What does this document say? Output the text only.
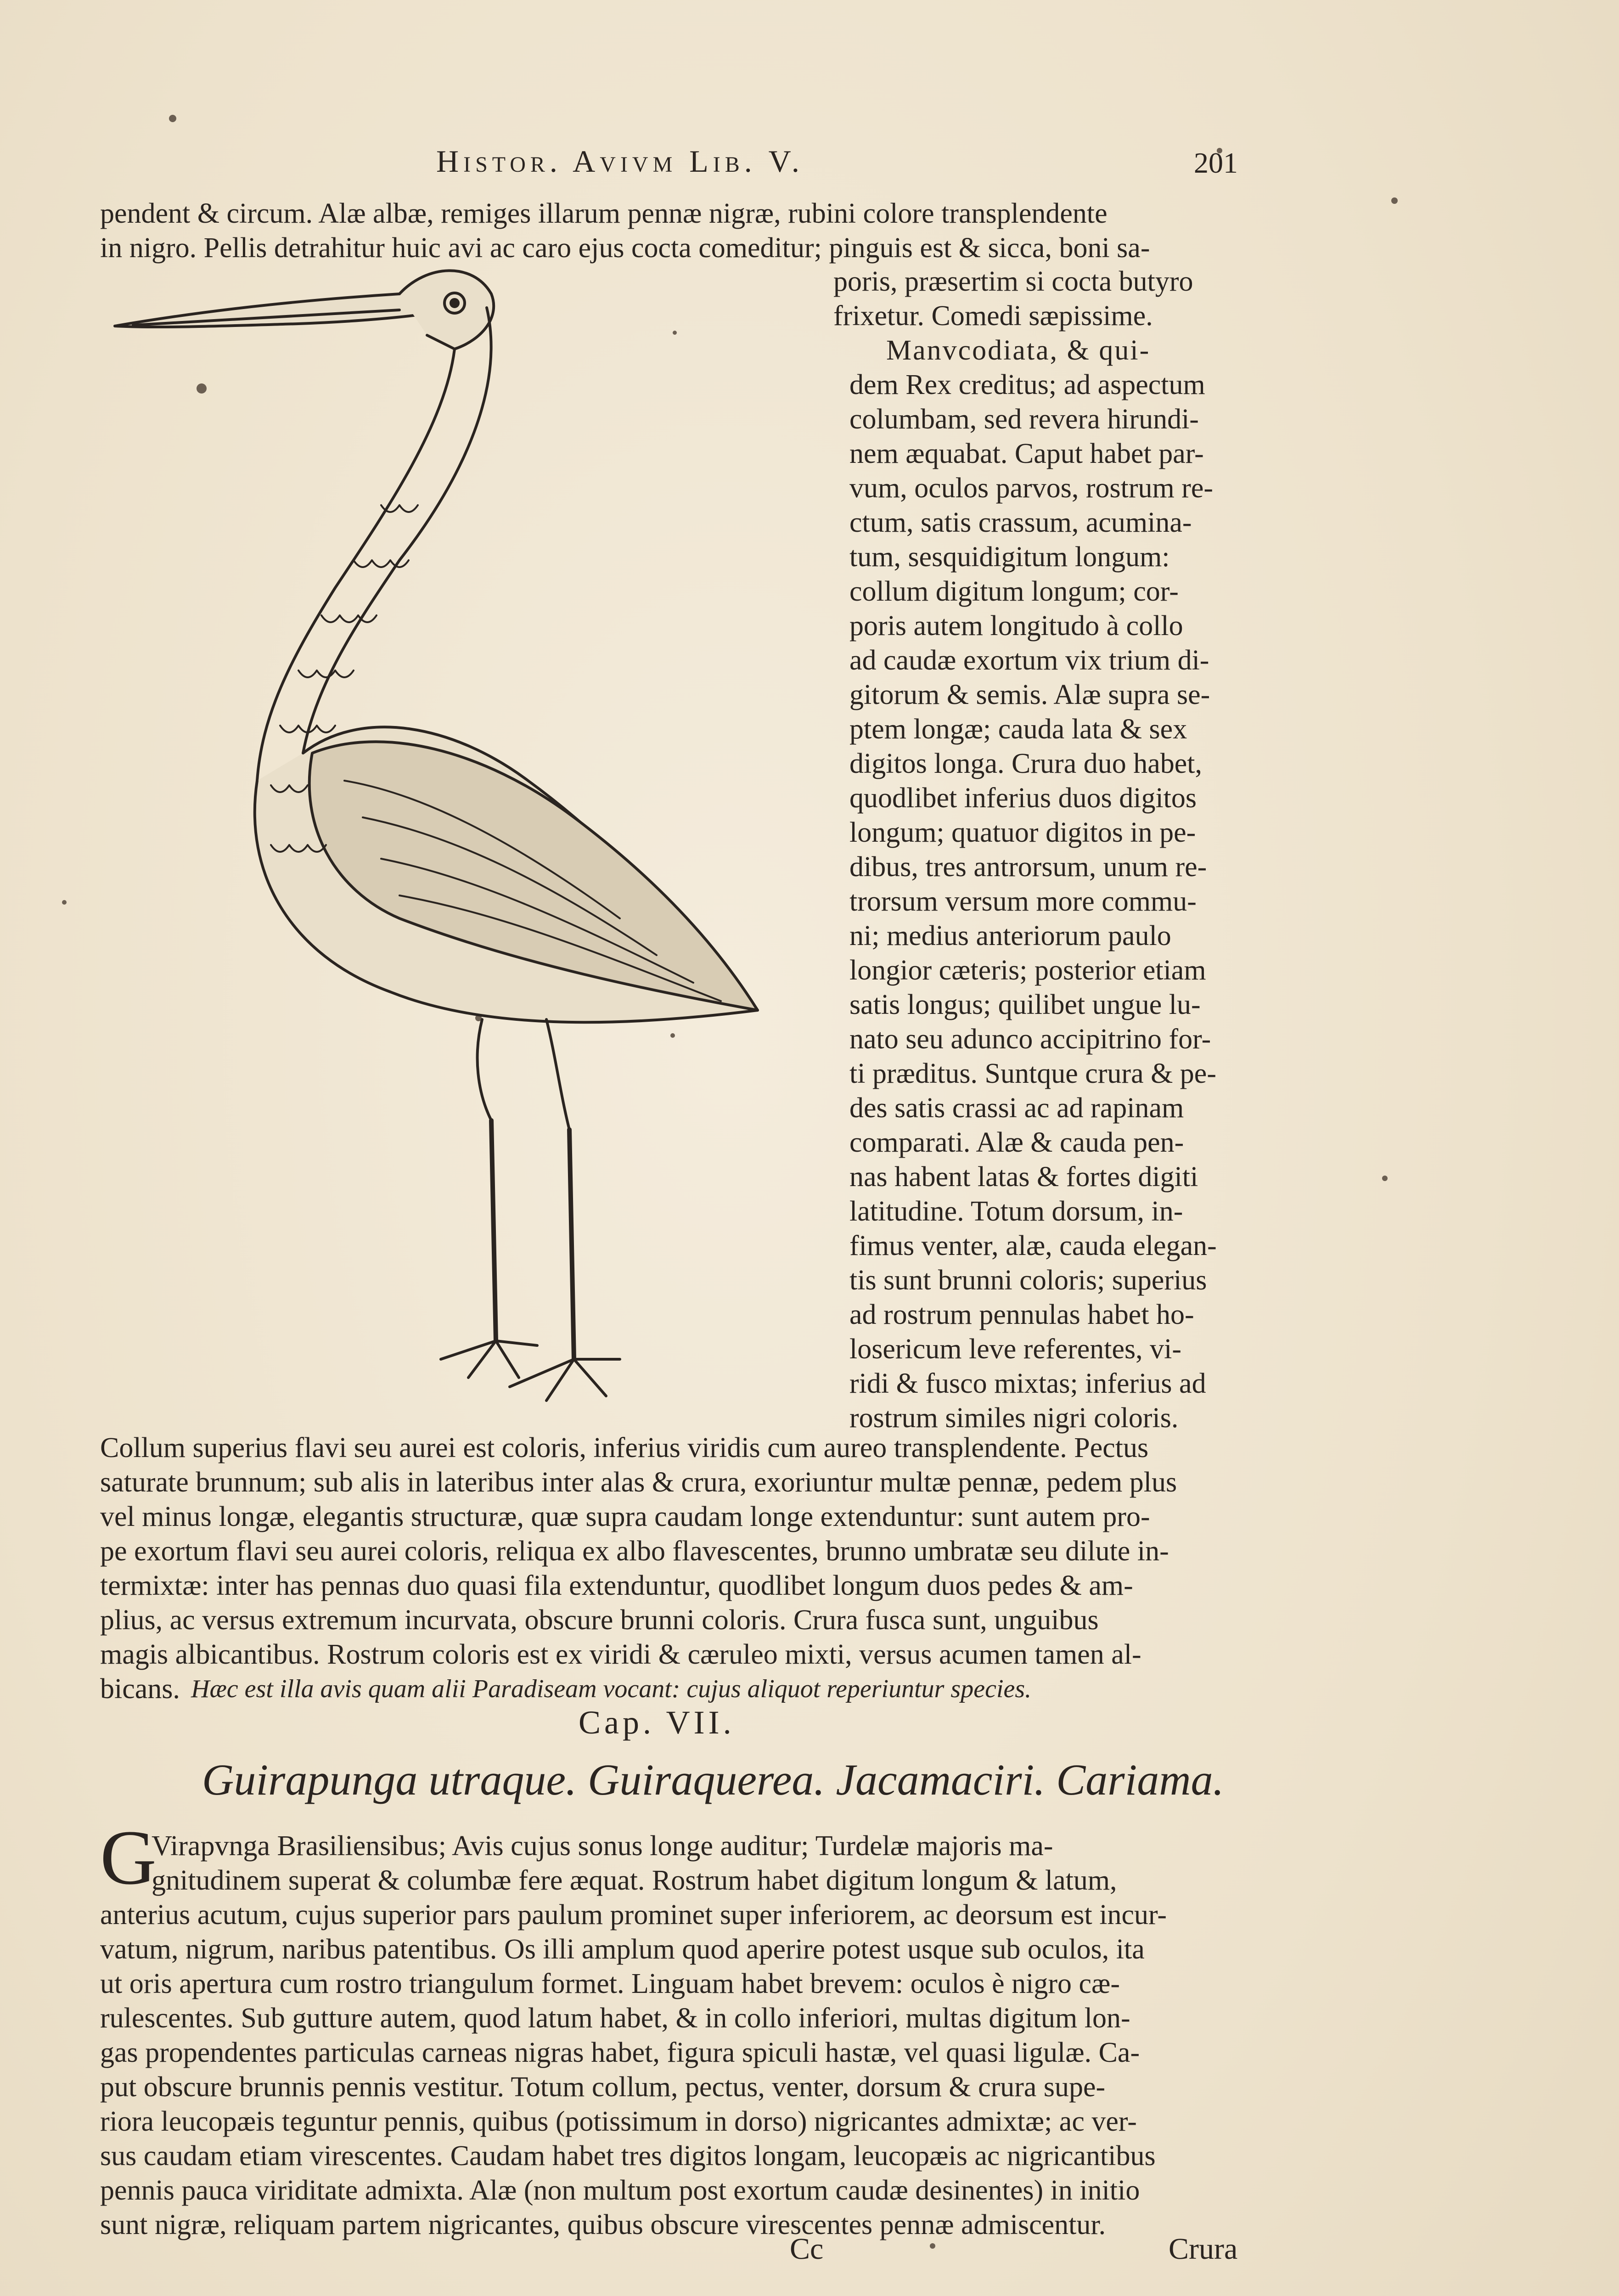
Histor. Avivm Lib. V.	201
pendent & circum. Alæ albæ, remiges illarum pennæ nigræ, rubini colore transplendente
in nigro. Pellis detrahitur huic avi ac caro ejus cocta comeditur; pinguis est & sicca, boni sa-
poris, præsertim si cocta butyro
frixetur. Comedi sæpissime.
Manvcodiata, & qui-
dem Rex creditus; ad aspectum
columbam, sed revera hirundi-
nem æquabat. Caput habet par-
vum, oculos parvos, rostrum re-
ctum, satis crassum, acumina-
tum, sesquidigitum longum:
collum digitum longum; cor-
poris autem longitudo à collo
ad caudæ exortum vix trium di-
gitorum & semis. Alæ supra se-
ptem longæ; cauda lata & sex
digitos longa. Crura duo habet,
quodlibet inferius duos digitos
longum; quatuor digitos in pe-
dibus, tres antrorsum, unum re-
trorsum versum more commu-
ni; medius anteriorum paulo
longior cæteris; posterior etiam
satis longus; quilibet ungue lu-
nato seu adunco accipitrino for-
ti præditus. Suntque crura & pe-
des satis crassi ac ad rapinam
comparati. Alæ & cauda pen-
nas habent latas & fortes digiti
latitudine. Totum dorsum, in-
fimus venter, alæ, cauda elegan-
tis sunt brunni coloris; superius
ad rostrum pennulas habet ho-
losericum leve referentes, vi-
ridi & fusco mixtas; inferius ad
rostrum similes nigri coloris.
Collum superius flavi seu aurei est coloris, inferius viridis cum aureo transplendente. Pectus
saturate brunnum; sub alis in lateribus inter alas & crura, exoriuntur multæ pennæ, pedem plus
vel minus longæ, elegantis structuræ, quæ supra caudam longe extenduntur: sunt autem pro-
pe exortum flavi seu aurei coloris, reliqua ex albo flavescentes, brunno umbratæ seu dilute in-
termixtæ: inter has pennas duo quasi fila extenduntur, quodlibet longum duos pedes & am-
plius, ac versus extremum incurvata, obscure brunni coloris. Crura fusca sunt, unguibus
magis albicantibus. Rostrum coloris est ex viridi & cæruleo mixti, versus acumen tamen al-
bicans. Hæc est illa avis quam alii Paradiseam vocant: cujus aliquot reperiuntur species.
Cap. VII.
Guirapunga utraque. Guiraquerea. Jacamaciri. Cariama.
G
Virapvnga Brasiliensibus; Avis cujus sonus longe auditur; Turdelæ majoris ma-
gnitudinem superat & columbæ fere æquat. Rostrum habet digitum longum & latum,
anterius acutum, cujus superior pars paulum prominet super inferiorem, ac deorsum est incur-
vatum, nigrum, naribus patentibus. Os illi amplum quod aperire potest usque sub oculos, ita
ut oris apertura cum rostro triangulum formet. Linguam habet brevem: oculos è nigro cæ-
rulescentes. Sub gutture autem, quod latum habet, & in collo inferiori, multas digitum lon-
gas propendentes particulas carneas nigras habet, figura spiculi hastæ, vel quasi ligulæ. Ca-
put obscure brunnis pennis vestitur. Totum collum, pectus, venter, dorsum & crura supe-
riora leucopæis teguntur pennis, quibus (potissimum in dorso) nigricantes admixtæ; ac ver-
sus caudam etiam virescentes. Caudam habet tres digitos longam, leucopæis ac nigricantibus
pennis pauca viriditate admixta. Alæ (non multum post exortum caudæ desinentes) in initio
sunt nigræ, reliquam partem nigricantes, quibus obscure virescentes pennæ admiscentur.
Cc	Crura
